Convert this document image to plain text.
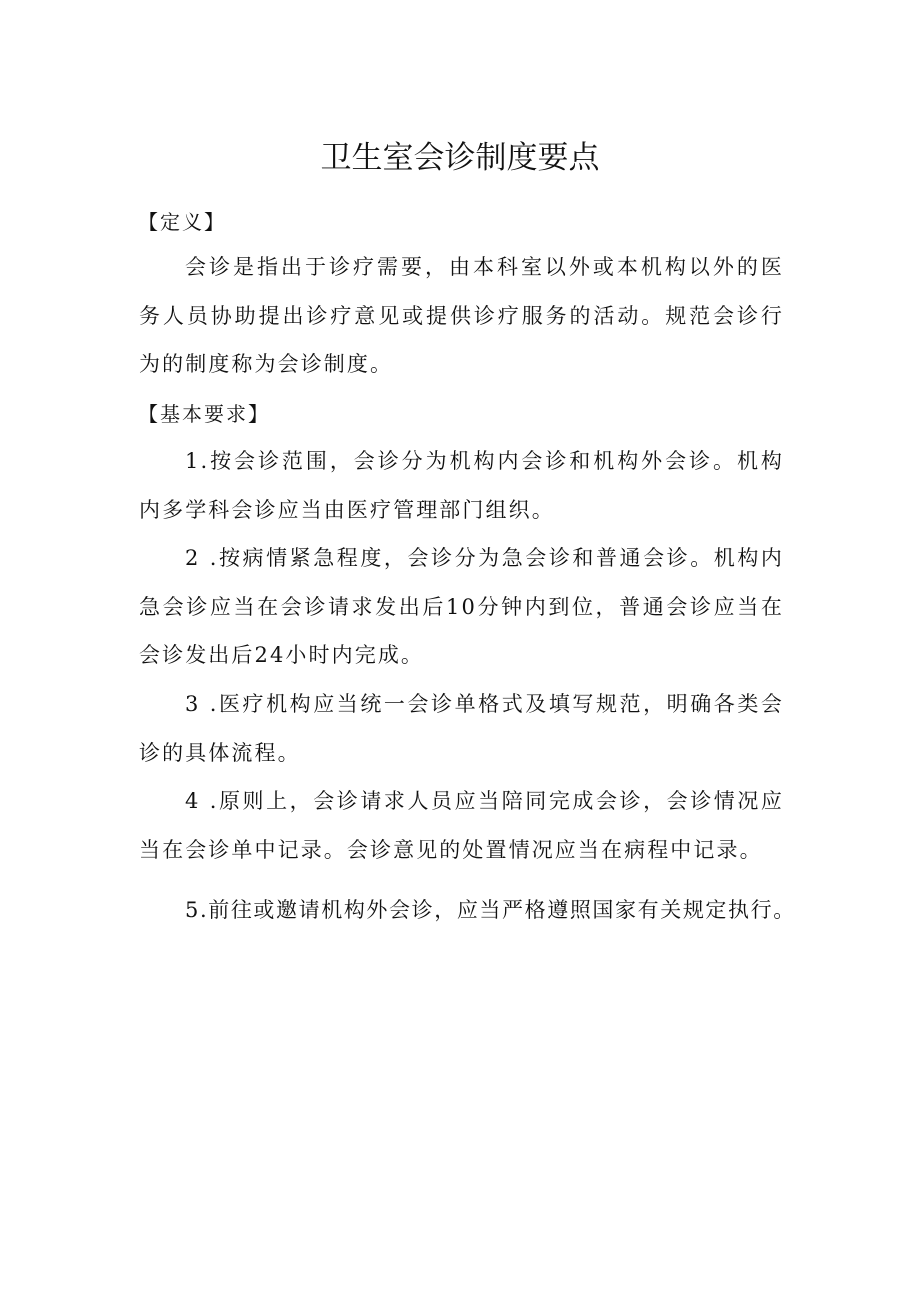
卫生室会诊制度要点
【定义】
会诊是指出于诊疗需要，由本科室以外或本机构以外的医务人员协助提出诊疗意见或提供诊疗服务的活动。规范会诊行为的制度称为会诊制度。
【基本要求】
1.按会诊范围，会诊分为机构内会诊和机构外会诊。机构内多学科会诊应当由医疗管理部门组织。
2 .按病情紧急程度，会诊分为急会诊和普通会诊。机构内急会诊应当在会诊请求发出后10分钟内到位，普通会诊应当在会诊发出后24小时内完成。
3 .医疗机构应当统一会诊单格式及填写规范，明确各类会诊的具体流程。
4 .原则上，会诊请求人员应当陪同完成会诊，会诊情况应当在会诊单中记录。会诊意见的处置情况应当在病程中记录。
5.前往或邀请机构外会诊，应当严格遵照国家有关规定执行。
